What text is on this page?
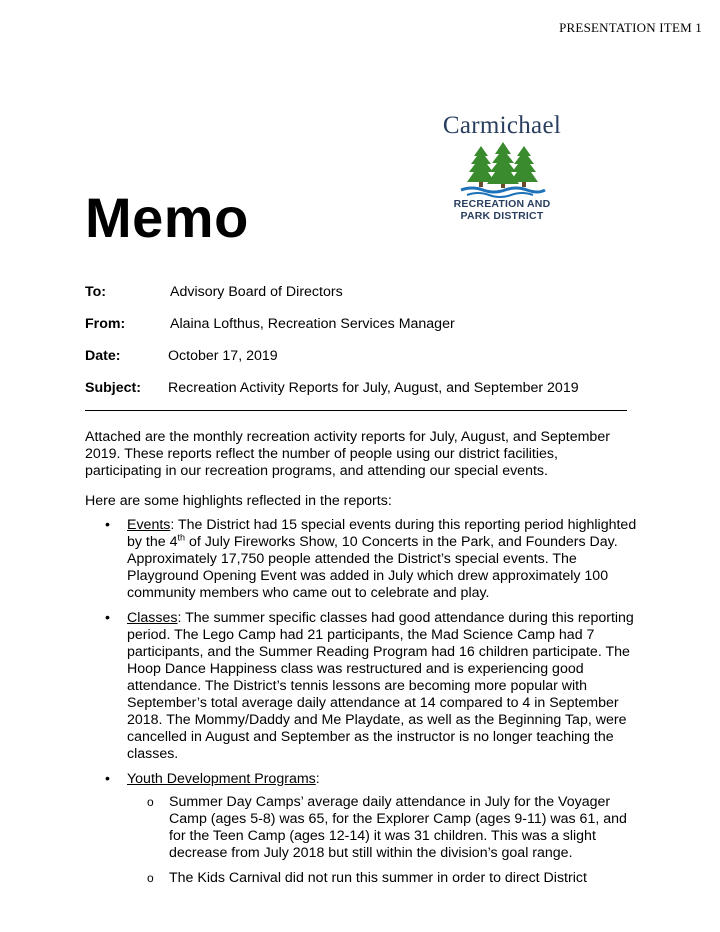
PRESENTATION ITEM 1
Carmichael
RECREATION AND
PARK DISTRICT
Memo
To:	Advisory Board of Directors
From:	Alaina Lofthus, Recreation Services Manager
Date:	October 17, 2019
Subject: Recreation Activity Reports for July, August, and September 2019
Attached are the monthly recreation activity reports for July, August, and September 2019. These reports reflect the number of people using our district facilities, participating in our recreation programs, and attending our special events.
Here are some highlights reflected in the reports:
• Events: The District had 15 special events during this reporting period highlighted by the 4th of July Fireworks Show, 10 Concerts in the Park, and Founders Day. Approximately 17,750 people attended the District’s special events. The Playground Opening Event was added in July which drew approximately 100 community members who came out to celebrate and play.
• Classes: The summer specific classes had good attendance during this reporting period. The Lego Camp had 21 participants, the Mad Science Camp had 7 participants, and the Summer Reading Program had 16 children participate. The Hoop Dance Happiness class was restructured and is experiencing good attendance. The District’s tennis lessons are becoming more popular with September’s total average daily attendance at 14 compared to 4 in September 2018. The Mommy/Daddy and Me Playdate, as well as the Beginning Tap, were cancelled in August and September as the instructor is no longer teaching the classes.
• Youth Development Programs:
o Summer Day Camps’ average daily attendance in July for the Voyager Camp (ages 5-8) was 65, for the Explorer Camp (ages 9-11) was 61, and for the Teen Camp (ages 12-14) it was 31 children. This was a slight decrease from July 2018 but still within the division’s goal range.
o The Kids Carnival did not run this summer in order to direct District
